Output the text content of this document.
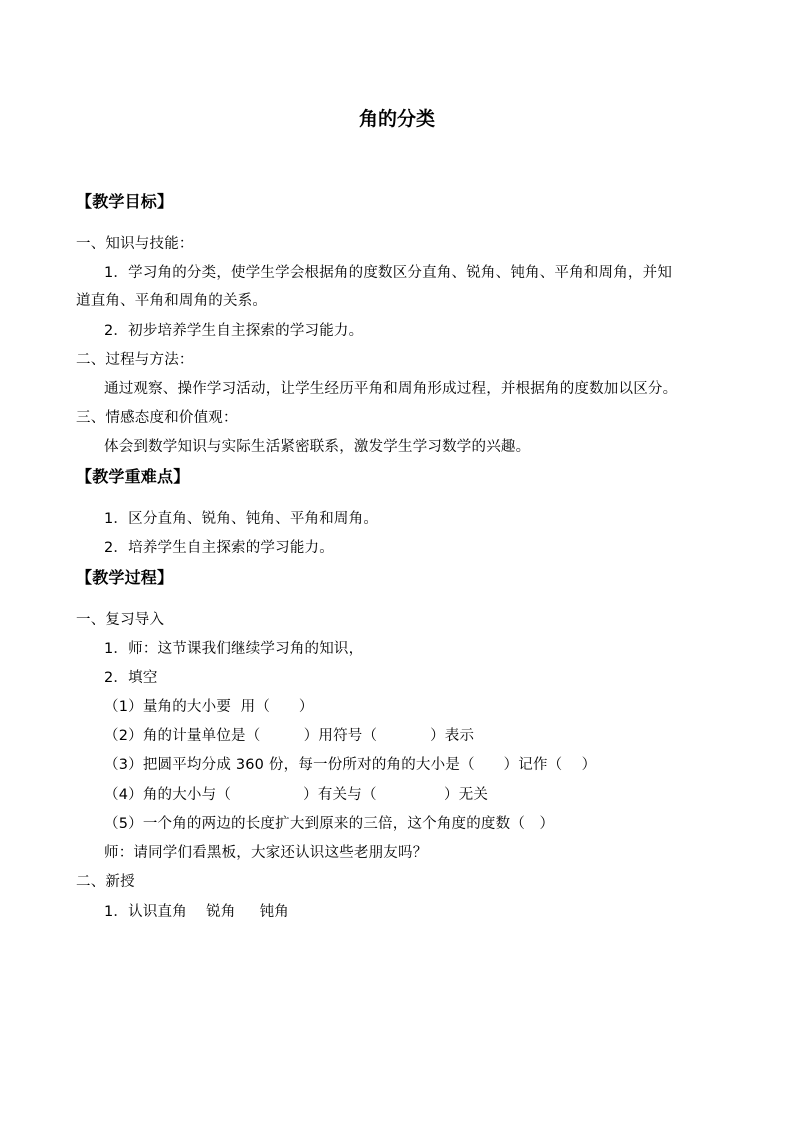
角的分类
【教学目标】
一、知识与技能：
1．学习角的分类，使学生学会根据角的度数区分直角、锐角、钝角、平角和周角，并知
道直角、平角和周角的关系。
2．初步培养学生自主探索的学习能力。
二、过程与方法：
通过观察、操作学习活动，让学生经历平角和周角形成过程，并根据角的度数加以区分。
三、情感态度和价值观：
体会到数学知识与实际生活紧密联系，激发学生学习数学的兴趣。
【教学重难点】
1．区分直角、锐角、钝角、平角和周角。
2．培养学生自主探索的学习能力。
【教学过程】
一、复习导入
1．师：这节课我们继续学习角的知识，
2．填空
（1）量角的大小要  用（      ）
（2）角的计量单位是（         ）用符号（           ）表示
（3）把圆平均分成 360 份，每一份所对的角的大小是（      ）记作（    ）
（4）角的大小与（               ）有关与（              ）无关
（5）一个角的两边的长度扩大到原来的三倍，这个角度的度数（   ）
师：请同学们看黑板，大家还认识这些老朋友吗？
二、新授
1．认识直角    锐角     钝角
